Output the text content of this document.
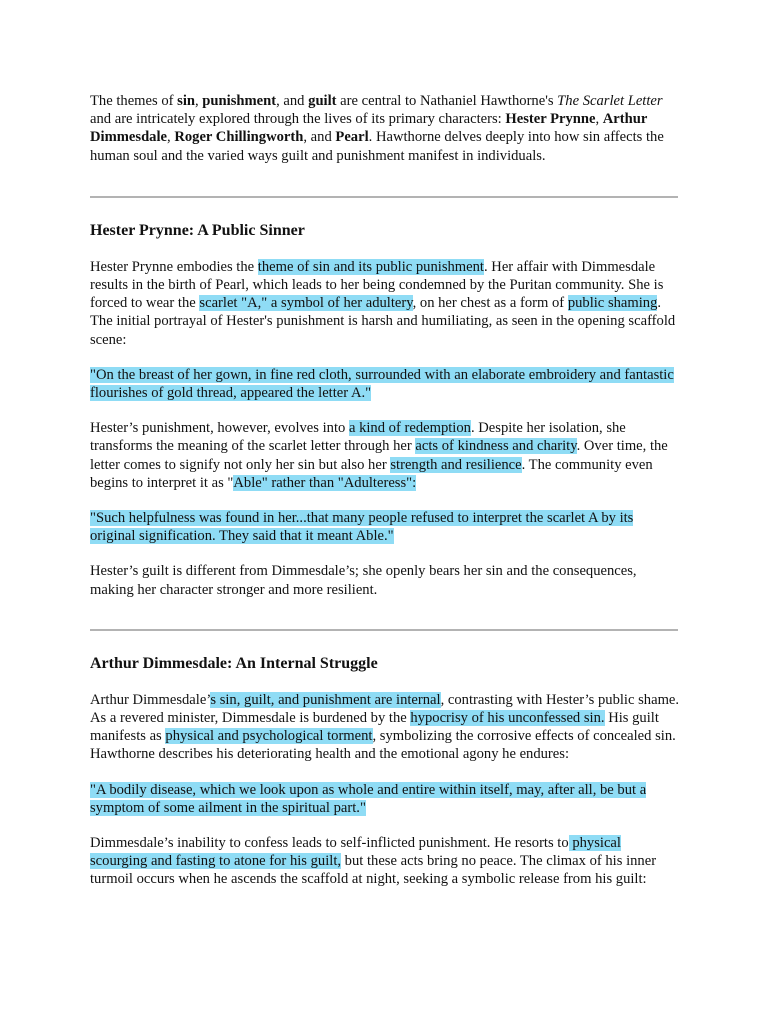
The themes of sin, punishment, and guilt are central to Nathaniel Hawthorne's The Scarlet Letter and are intricately explored through the lives of its primary characters: Hester Prynne, Arthur Dimmesdale, Roger Chillingworth, and Pearl. Hawthorne delves deeply into how sin affects the human soul and the varied ways guilt and punishment manifest in individuals.

Hester Prynne: A Public Sinner

Hester Prynne embodies the theme of sin and its public punishment. Her affair with Dimmesdale results in the birth of Pearl, which leads to her being condemned by the Puritan community. She is forced to wear the scarlet "A," a symbol of her adultery, on her chest as a form of public shaming. The initial portrayal of Hester's punishment is harsh and humiliating, as seen in the opening scaffold scene:

"On the breast of her gown, in fine red cloth, surrounded with an elaborate embroidery and fantastic flourishes of gold thread, appeared the letter A."

Hester’s punishment, however, evolves into a kind of redemption. Despite her isolation, she transforms the meaning of the scarlet letter through her acts of kindness and charity. Over time, the letter comes to signify not only her sin but also her strength and resilience. The community even begins to interpret it as "Able" rather than "Adulteress":

"Such helpfulness was found in her...that many people refused to interpret the scarlet A by its original signification. They said that it meant Able."

Hester’s guilt is different from Dimmesdale’s; she openly bears her sin and the consequences, making her character stronger and more resilient.

Arthur Dimmesdale: An Internal Struggle

Arthur Dimmesdale’s sin, guilt, and punishment are internal, contrasting with Hester’s public shame. As a revered minister, Dimmesdale is burdened by the hypocrisy of his unconfessed sin. His guilt manifests as physical and psychological torment, symbolizing the corrosive effects of concealed sin. Hawthorne describes his deteriorating health and the emotional agony he endures:

"A bodily disease, which we look upon as whole and entire within itself, may, after all, be but a symptom of some ailment in the spiritual part."

Dimmesdale’s inability to confess leads to self-inflicted punishment. He resorts to physical scourging and fasting to atone for his guilt, but these acts bring no peace. The climax of his inner turmoil occurs when he ascends the scaffold at night, seeking a symbolic release from his guilt:
